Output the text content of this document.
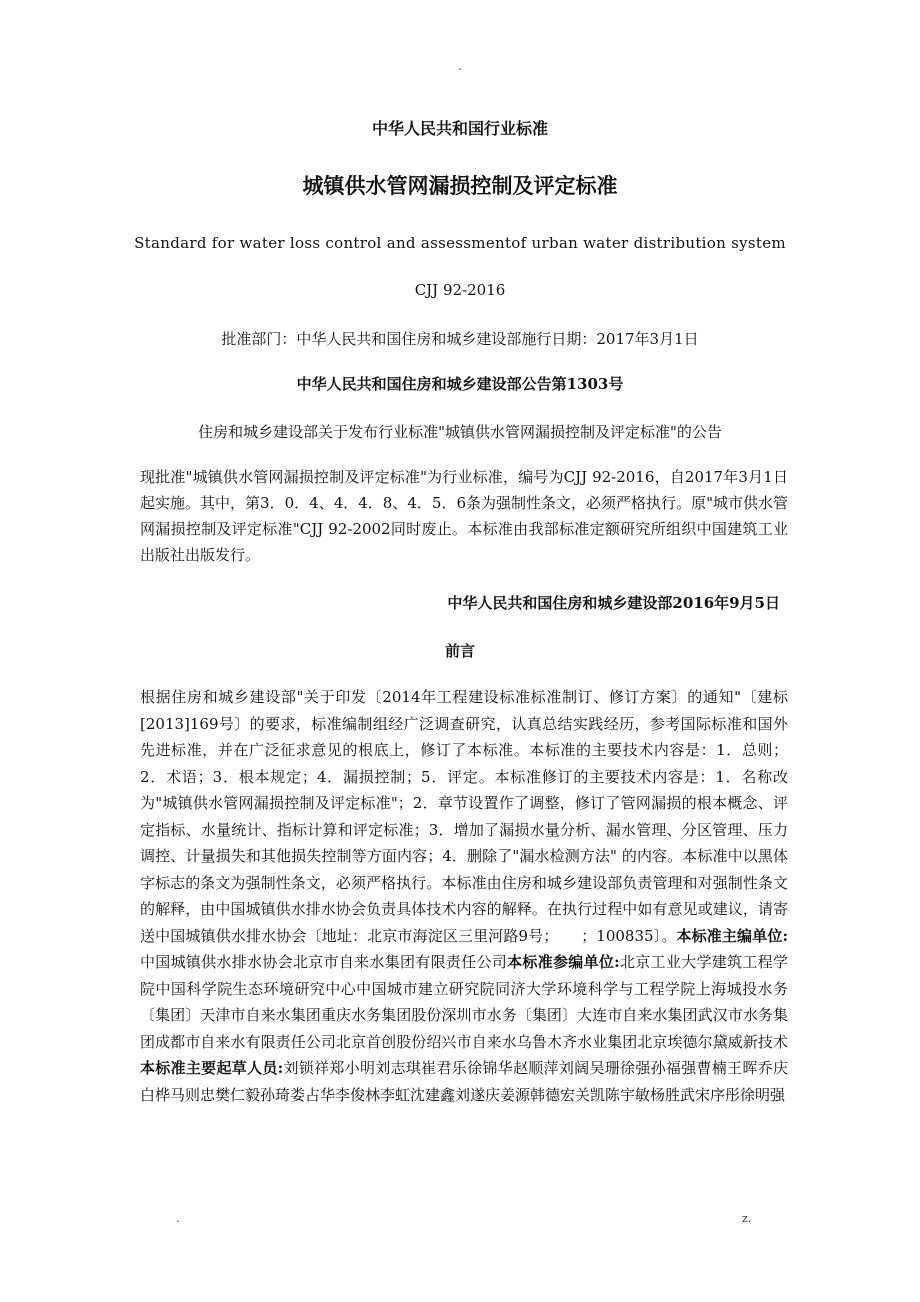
-
中华人民共和国行业标准
城镇供水管网漏损控制及评定标准
Standard for water loss control and assessmentof urban water distribution system
CJJ 92-2016
批准部门：中华人民共和国住房和城乡建设部施行日期：2017年3月1日
中华人民共和国住房和城乡建设部公告第1303号
住房和城乡建设部关于发布行业标准"城镇供水管网漏损控制及评定标准"的公告
现批准"城镇供水管网漏损控制及评定标准"为行业标准，编号为CJJ 92-2016，自2017年3月1日起实施。其中，第3．0．4、4．4．8、4．5．6条为强制性条文，必须严格执行。原"城市供水管网漏损控制及评定标准"CJJ 92-2002同时废止。本标准由我部标准定额研究所组织中国建筑工业出版社出版发行。
中华人民共和国住房和城乡建设部2016年9月5日
前言
根据住房和城乡建设部"关于印发〔2014年工程建设标准标准制订、修订方案〕的通知"〔建标[2013]169号〕的要求，标准编制组经广泛调查研究，认真总结实践经历，参考国际标准和国外先进标准，并在广泛征求意见的根底上，修订了本标准。本标准的主要技术内容是：1．总则；2．术语；3．根本规定；4．漏损控制；5．评定。本标准修订的主要技术内容是：1．名称改为"城镇供水管网漏损控制及评定标准"；2．章节设置作了调整，修订了管网漏损的根本概念、评定指标、水量统计、指标计算和评定标准；3．增加了漏损水量分析、漏水管理、分区管理、压力调控、计量损失和其他损失控制等方面内容；4．删除了"漏水检测方法" 的内容。本标准中以黑体字标志的条文为强制性条文，必须严格执行。本标准由住房和城乡建设部负责管理和对强制性条文的解释，由中国城镇供水排水协会负责具体技术内容的解释。在执行过程中如有意见或建议，请寄送中国城镇供水排水协会〔地址：北京市海淀区三里河路9号；　　；100835〕。本标准主编单位:中国城镇供水排水协会北京市自来水集团有限责任公司本标准参编单位:北京工业大学建筑工程学院中国科学院生态环境研究中心中国城市建立研究院同济大学环境科学与工程学院上海城投水务〔集团〕天津市自来水集团重庆水务集团股份深圳市水务〔集团〕大连市自来水集团武汉市水务集团成都市自来水有限责任公司北京首创股份绍兴市自来水乌鲁木齐水业集团北京埃德尔黛威新技术本标准主要起草人员:刘锁祥郑小明刘志琪崔君乐徐锦华赵顺萍刘阔吴珊徐强孙福强曹楠王晖乔庆白桦马则忠樊仁毅孙琦娄占华李俊林李虹沈建鑫刘遂庆姜源韩德宏关凯陈宇敏杨胜武宋序彤徐明强
.	z.
